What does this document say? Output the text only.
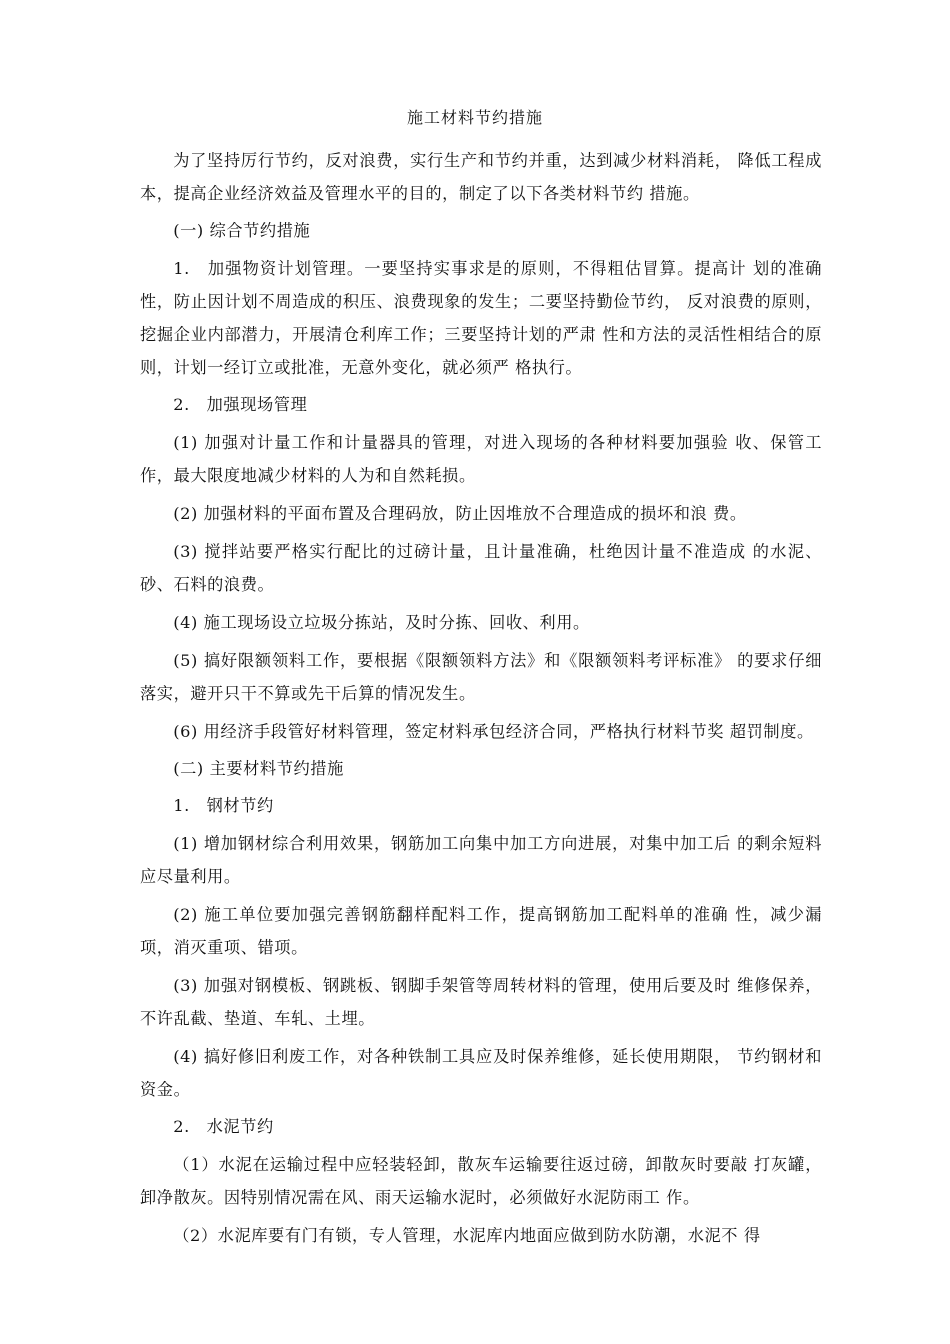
施工材料节约措施

为了坚持厉行节约，反对浪费，实行生产和节约并重，达到减少材料消耗， 降低工程成本，提高企业经济效益及管理水平的目的，制定了以下各类材料节约 措施。

(一) 综合节约措施

1.　加强物资计划管理。一要坚持实事求是的原则，不得粗估冒算。提高计 划的准确性，防止因计划不周造成的积压、浪费现象的发生；二要坚持勤俭节约， 反对浪费的原则，挖掘企业内部潜力，开展清仓利库工作；三要坚持计划的严肃 性和方法的灵活性相结合的原则，计划一经订立或批准，无意外变化，就必须严 格执行。

2.　加强现场管理

(1) 加强对计量工作和计量器具的管理，对进入现场的各种材料要加强验 收、保管工作，最大限度地减少材料的人为和自然耗损。

(2) 加强材料的平面布置及合理码放，防止因堆放不合理造成的损坏和浪 费。

(3) 搅拌站要严格实行配比的过磅计量，且计量准确，杜绝因计量不准造成 的水泥、砂、石料的浪费。

(4) 施工现场设立垃圾分拣站，及时分拣、回收、利用。

(5) 搞好限额领料工作，要根据《限额领料方法》和《限额领料考评标准》 的要求仔细落实，避开只干不算或先干后算的情况发生。

(6) 用经济手段管好材料管理，签定材料承包经济合同，严格执行材料节奖 超罚制度。

(二) 主要材料节约措施

1.　钢材节约

(1) 增加钢材综合利用效果，钢筋加工向集中加工方向进展，对集中加工后 的剩余短料应尽量利用。

(2) 施工单位要加强完善钢筋翻样配料工作，提高钢筋加工配料单的准确 性，减少漏项，消灭重项、错项。

(3) 加强对钢模板、钢跳板、钢脚手架管等周转材料的管理，使用后要及时 维修保养，不许乱截、垫道、车轧、土埋。

(4) 搞好修旧利废工作，对各种铁制工具应及时保养维修，延长使用期限， 节约钢材和资金。

2.　水泥节约

（1）水泥在运输过程中应轻装轻卸，散灰车运输要往返过磅，卸散灰时要敲 打灰罐，卸净散灰。因特别情况需在风、雨天运输水泥时，必须做好水泥防雨工 作。

（2）水泥库要有门有锁，专人管理，水泥库内地面应做到防水防潮，水泥不 得
